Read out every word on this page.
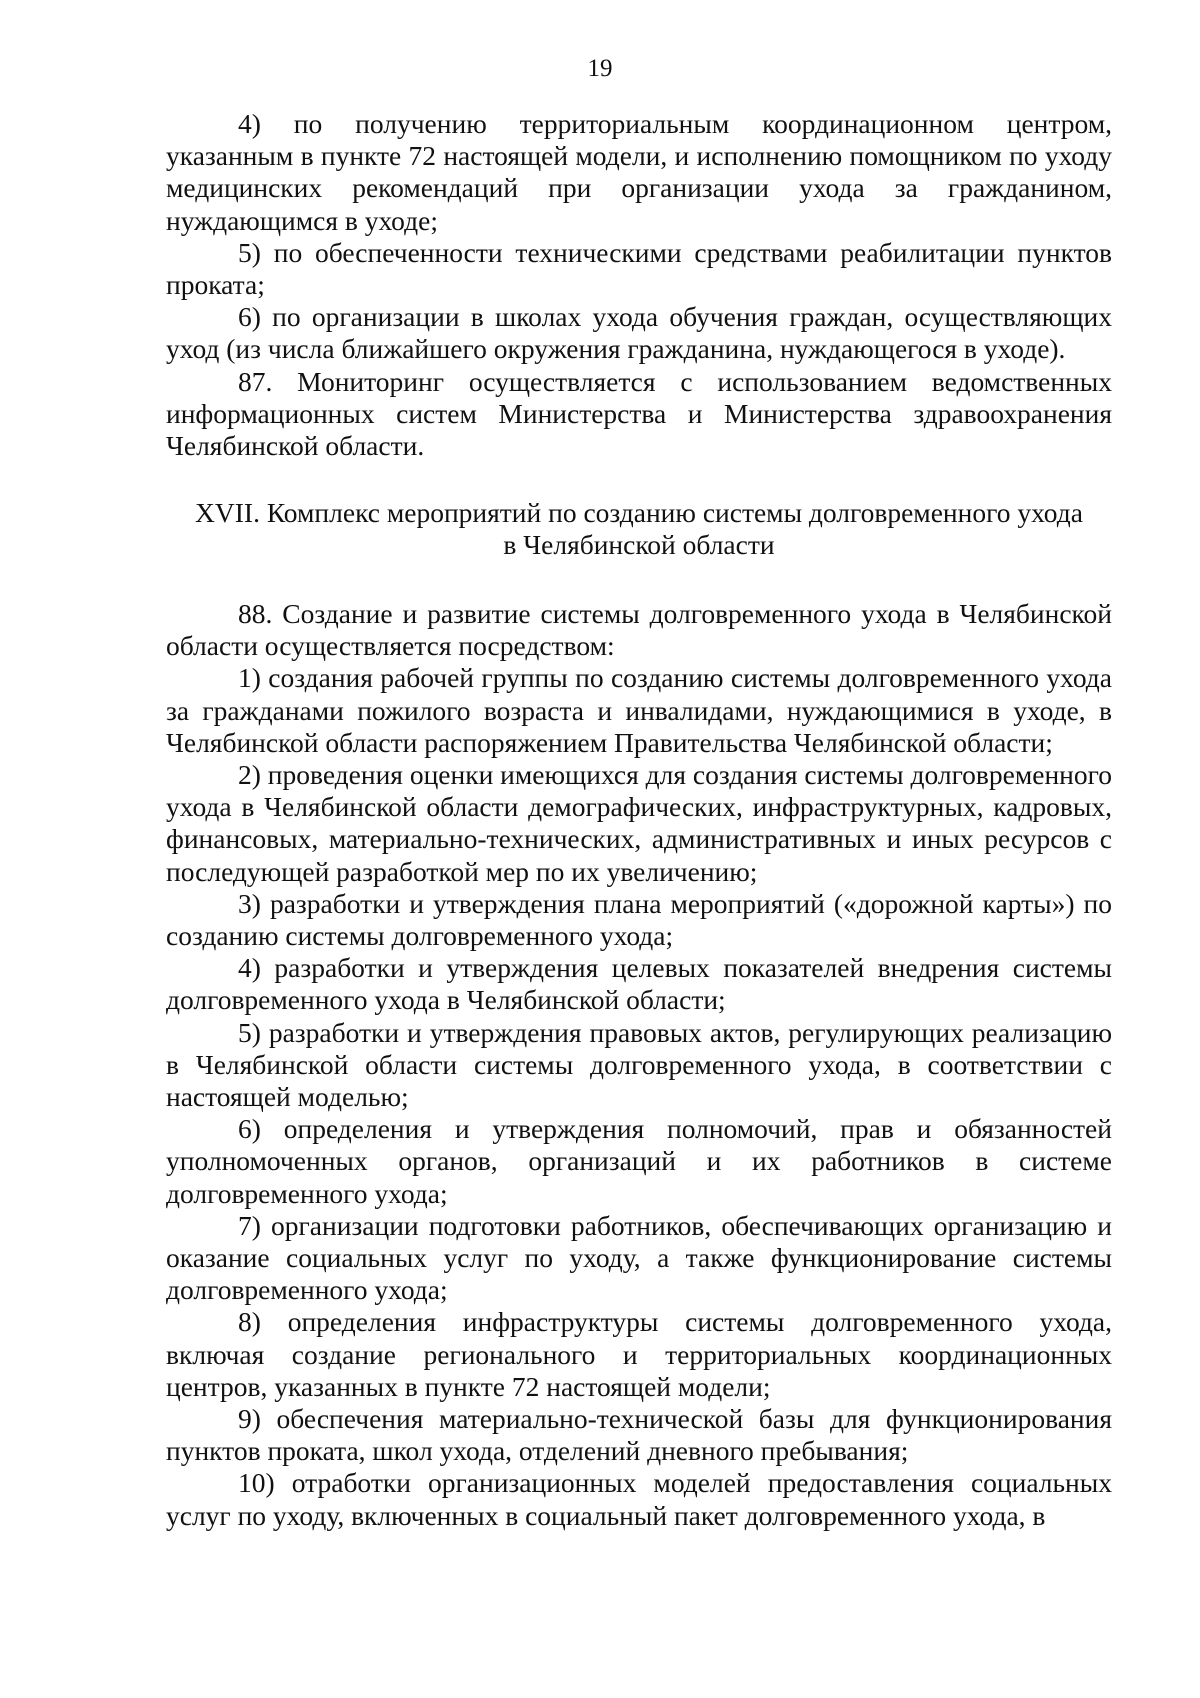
19

4) по получению территориальным координационном центром, указанным в пункте 72 настоящей модели, и исполнению помощником по уходу медицинских рекомендаций при организации ухода за гражданином, нуждающимся в уходе;

5) по обеспеченности техническими средствами реабилитации пунктов проката;

6) по организации в школах ухода обучения граждан, осуществляющих уход (из числа ближайшего окружения гражданина, нуждающегося в уходе).

87. Мониторинг осуществляется с использованием ведомственных информационных систем Министерства и Министерства здравоохранения Челябинской области.

XVII. Комплекс мероприятий по созданию системы долговременного ухода
в Челябинской области

88. Создание и развитие системы долговременного ухода в Челябинской области осуществляется посредством:

1) создания рабочей группы по созданию системы долговременного ухода за гражданами пожилого возраста и инвалидами, нуждающимися в уходе, в Челябинской области распоряжением Правительства Челябинской области;

2) проведения оценки имеющихся для создания системы долговременного ухода в Челябинской области демографических, инфраструктурных, кадровых, финансовых, материально-технических, административных и иных ресурсов с последующей разработкой мер по их увеличению;

3) разработки и утверждения плана мероприятий («дорожной карты») по созданию системы долговременного ухода;

4) разработки и утверждения целевых показателей внедрения системы долговременного ухода в Челябинской области;

5) разработки и утверждения правовых актов, регулирующих реализацию в Челябинской области системы долговременного ухода, в соответствии с настоящей моделью;

6) определения и утверждения полномочий, прав и обязанностей уполномоченных органов, организаций и их работников в системе долговременного ухода;

7) организации подготовки работников, обеспечивающих организацию и оказание социальных услуг по уходу, а также функционирование системы долговременного ухода;

8) определения инфраструктуры системы долговременного ухода, включая создание регионального и территориальных координационных центров, указанных в пункте 72 настоящей модели;

9) обеспечения материально-технической базы для функционирования пунктов проката, школ ухода, отделений дневного пребывания;

10) отработки организационных моделей предоставления социальных услуг по уходу, включенных в социальный пакет долговременного ухода, в
